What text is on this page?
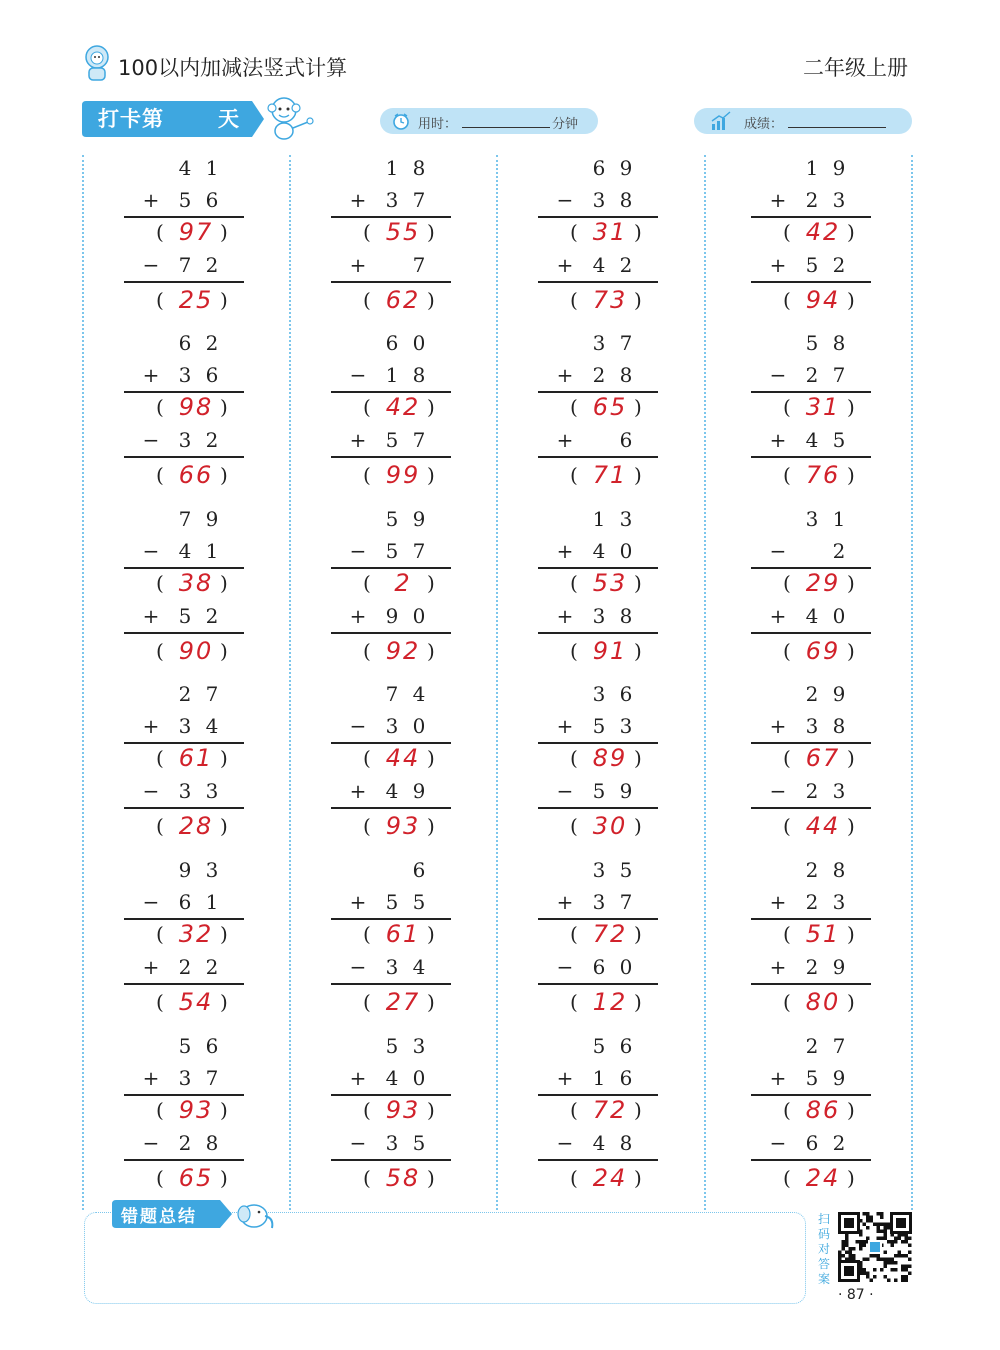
100以内加减法竖式计算	二年级上册
打卡第	天	用时：	分钟	成绩：
4 1
+ 5 6
( 97 )
− 7 2
( 25 )
6 2
+ 3 6
( 98 )
− 3 2
( 66 )
7 9
− 4 1
( 38 )
+ 5 2
( 90 )
2 7
+ 3 4
( 61 )
− 3 3
( 28 )
9 3
− 6 1
( 32 )
+ 2 2
( 54 )
5 6
+ 3 7
( 93 )
− 2 8
( 65 )
1 8
+ 3 7
( 55 )
+	7
( 62 )
6 0
− 1 8
( 42 )
+ 5 7
( 99 )
5 9
− 5 7
( 2 )
+ 9 0
( 92 )
7 4
− 3 0
( 44 )
+ 4 9
( 93 )
6
+ 5 5
( 61 )
− 3 4
( 27 )
5 3
+ 4 0
( 93 )
− 3 5
( 58 )
6 9
− 3 8
( 31 )
+ 4 2
( 73 )
3 7
+ 2 8
( 65 )
+	6
( 71 )
1 3
+ 4 0
( 53 )
+ 3 8
( 91 )
3 6
+ 5 3
( 89 )
− 5 9
( 30 )
3 5
+ 3 7
( 72 )
− 6 0
( 12 )
5 6
+ 1 6
( 72 )
− 4 8
( 24 )
1 9
+ 2 3
( 42 )
+ 5 2
( 94 )
5 8
− 2 7
( 31 )
+ 4 5
( 76 )
3 1
−	2
( 29 )
+ 4 0
( 69 )
2 9
+ 3 8
( 67 )
− 2 3
( 44 )
2 8
+ 2 3
( 51 )
+ 2 9
( 80 )
2 7
+ 5 9
( 86 )
− 6 2
( 24 )
错题总结	扫码对答案
· 87 ·
